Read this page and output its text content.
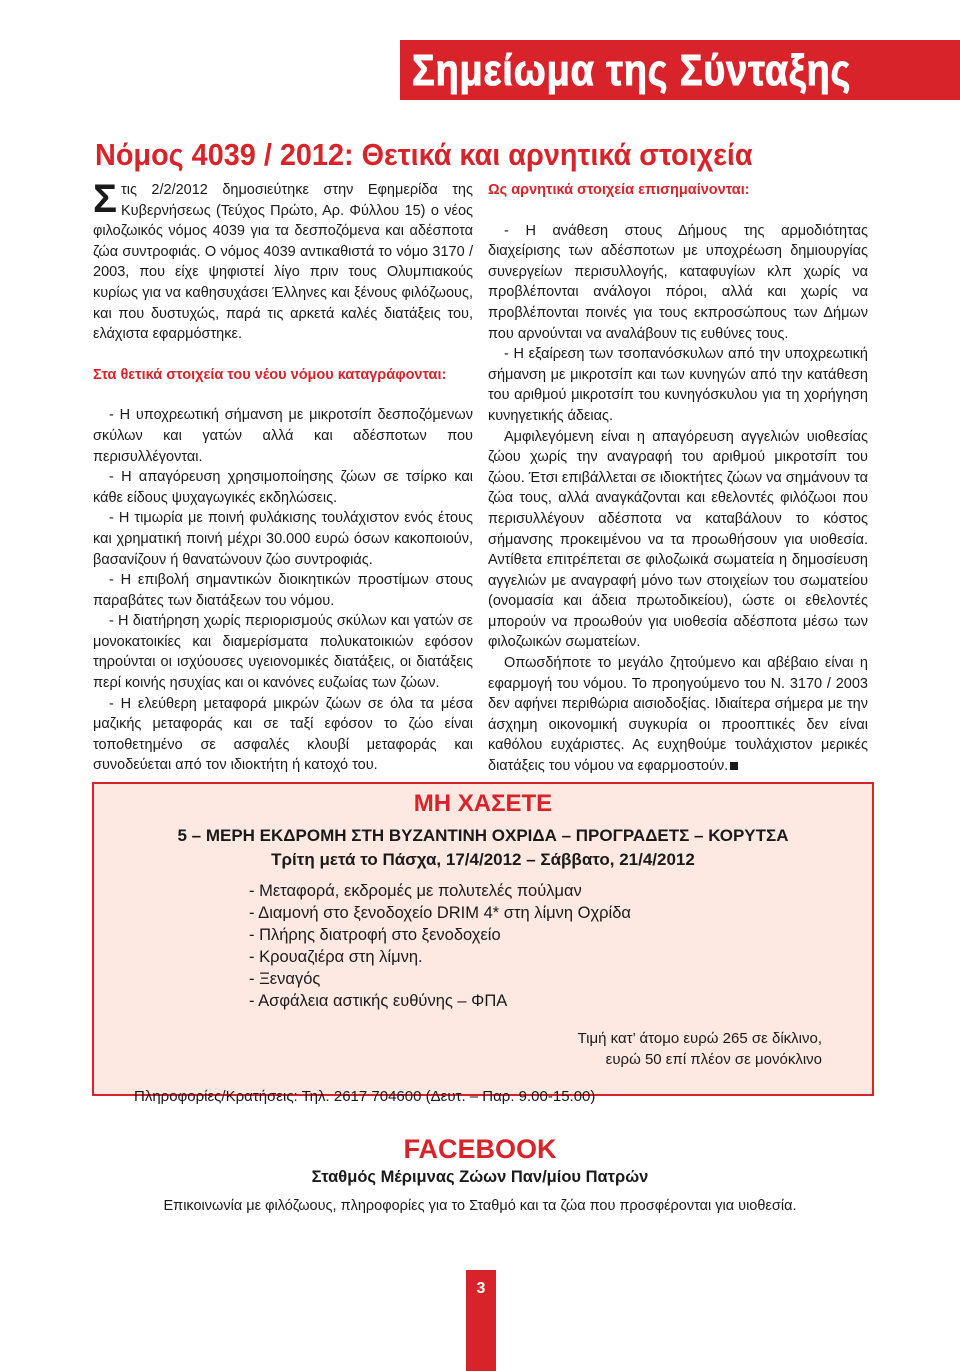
Σημείωμα της Σύνταξης
Νόμος 4039 / 2012: Θετικά και αρνητικά στοιχεία

Στις 2/2/2012 δημοσιεύτηκε στην Εφημερίδα της Κυβερνήσεως (Τεύχος Πρώτο, Αρ. Φύλλου 15) ο νέος φιλοζωικός νόμος 4039 για τα δεσποζόμενα και αδέσποτα ζώα συντροφιάς. Ο νόμος 4039 αντικαθιστά το νόμο 3170 / 2003, που είχε ψηφιστεί λίγο πριν τους Ολυμπιακούς κυρίως για να καθησυχάσει Έλληνες και ξένους φιλόζωους, και που δυστυχώς, παρά τις αρκετά καλές διατάξεις του, ελάχιστα εφαρμόστηκε.

Στα θετικά στοιχεία του νέου νόμου καταγράφονται:

- Η υποχρεωτική σήμανση με μικροτσίπ δεσποζόμενων σκύλων και γατών αλλά και αδέσποτων που περισυλλέγονται.

- Η απαγόρευση χρησιμοποίησης ζώων σε τσίρκο και κάθε είδους ψυχαγωγικές εκδηλώσεις.

- Η τιμωρία με ποινή φυλάκισης τουλάχιστον ενός έτους και χρηματική ποινή μέχρι 30.000 ευρώ όσων κακοποιούν, βασανίζουν ή θανατώνουν ζώο συντροφιάς.

- Η επιβολή σημαντικών διοικητικών προστίμων στους παραβάτες των διατάξεων του νόμου.

- Η διατήρηση χωρίς περιορισμούς σκύλων και γατών σε μονοκατοικίες και διαμερίσματα πολυκατοικιών εφόσον τηρούνται οι ισχύουσες υγειονομικές διατάξεις, οι διατάξεις περί κοινής ησυχίας και οι κανόνες ευζωίας των ζώων.

- Η ελεύθερη μεταφορά μικρών ζώων σε όλα τα μέσα μαζικής μεταφοράς και σε ταξί εφόσον το ζώο είναι τοποθετημένο σε ασφαλές κλουβί μεταφοράς και συνοδεύεται από τον ιδιοκτήτη ή κατοχό του.

Ως αρνητικά στοιχεία επισημαίνονται:

- Η ανάθεση στους Δήμους της αρμοδιότητας διαχείρισης των αδέσποτων με υποχρέωση δημιουργίας συνεργείων περισυλλογής, καταφυγίων κλπ χωρίς να προβλέπονται ανάλογοι πόροι, αλλά και χωρίς να προβλέπονται ποινές για τους εκπροσώπους των Δήμων που αρνούνται να αναλάβουν τις ευθύνες τους.

- Η εξαίρεση των τσοπανόσκυλων από την υποχρεωτική σήμανση με μικροτσίπ και των κυνηγών από την κατάθεση του αριθμού μικροτσίπ του κυνηγόσκυλου για τη χορήγηση κυνηγετικής άδειας.

Αμφιλεγόμενη είναι η απαγόρευση αγγελιών υιοθεσίας ζώου χωρίς την αναγραφή του αριθμού μικροτσίπ του ζώου. Έτσι επιβάλλεται σε ιδιοκτήτες ζώων να σημάνουν τα ζώα τους, αλλά αναγκάζονται και εθελοντές φιλόζωοι που περισυλλέγουν αδέσποτα να καταβάλουν το κόστος σήμανσης προκειμένου να τα προωθήσουν για υιοθεσία. Αντίθετα επιτρέπεται σε φιλοζωικά σωματεία η δημοσίευση αγγελιών με αναγραφή μόνο των στοιχείων του σωματείου (ονομασία και άδεια πρωτοδικείου), ώστε οι εθελοντές μπορούν να προωθούν για υιοθεσία αδέσποτα μέσω των φιλοζωικών σωματείων.

Οπωσδήποτε το μεγάλο ζητούμενο και αβέβαιο είναι η εφαρμογή του νόμου. Το προηγούμενο του Ν. 3170 / 2003 δεν αφήνει περιθώρια αισιοδοξίας. Ιδιαίτερα σήμερα με την άσχημη οικονομική συγκυρία οι προοπτικές δεν είναι καθόλου ευχάριστες. Ας ευχηθούμε τουλάχιστον μερικές διατάξεις του νόμου να εφαρμοστούν.

ΜΗ ΧΑΣΕΤΕ
5 – ΜΕΡΗ ΕΚΔΡΟΜΗ ΣΤΗ ΒΥΖΑΝΤΙΝΗ ΟΧΡΙΔΑ – ΠΡΟΓΡΑΔΕΤΣ – ΚΟΡΥΤΣΑ
Τρίτη μετά το Πάσχα, 17/4/2012 – Σάββατο, 21/4/2012
- Μεταφορά, εκδρομές με πολυτελές πούλμαν
- Διαμονή στο ξενοδοχείο DRIM 4* στη λίμνη Οχρίδα
- Πλήρης διατροφή στο ξενοδοχείο
- Κρουαζιέρα στη λίμνη.
- Ξεναγός
- Ασφάλεια αστικής ευθύνης – ΦΠΑ
Τιμή κατ’ άτομο ευρώ 265 σε δίκλινο,
ευρώ 50 επί πλέον σε μονόκλινο
Πληροφορίες/Κρατήσεις: Τηλ. 2617 704600 (Δευτ. – Παρ. 9.00-15.00)
FACEBOOK
Σταθμός Μέριμνας Ζώων Παν/μίου Πατρών
Επικοινωνία με φιλόζωους, πληροφορίες για το Σταθμό και τα ζώα που προσφέρονται για υιοθεσία.
3
